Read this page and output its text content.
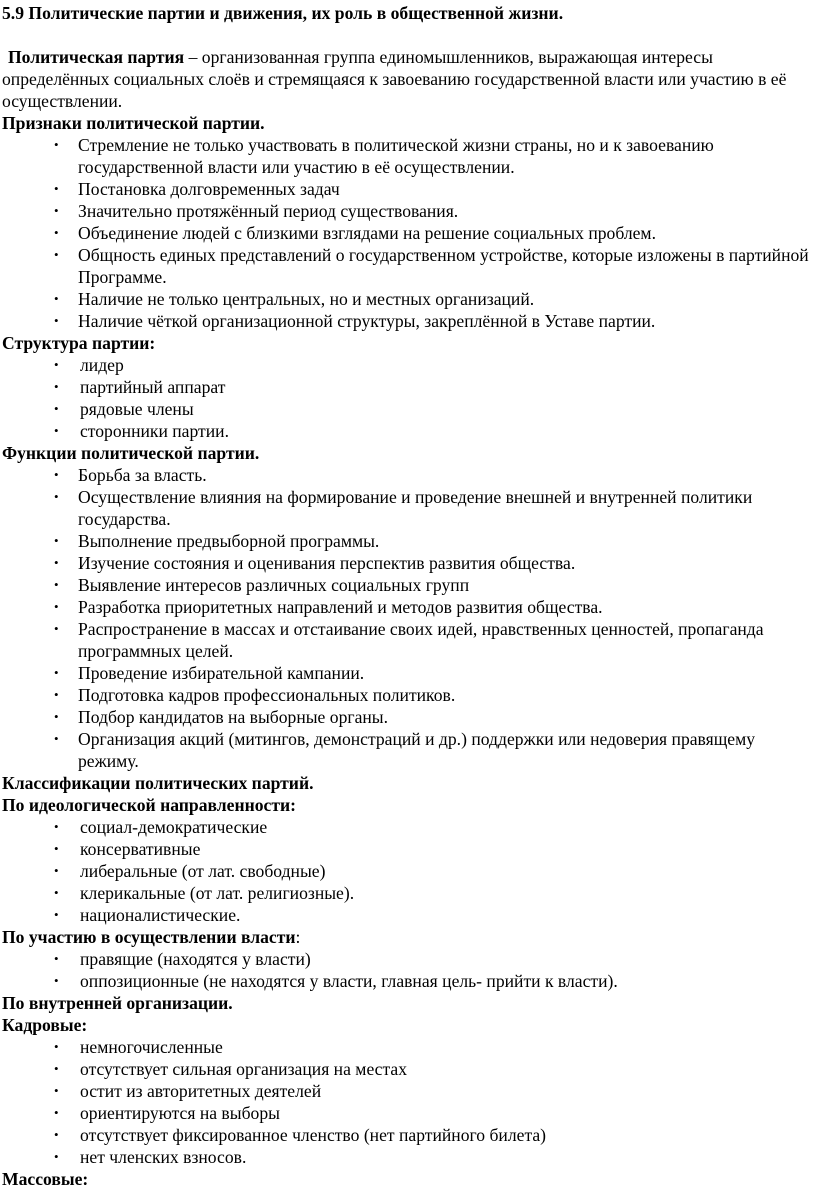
5.9 Политические партии и движения, их роль в общественной жизни.

Политическая партия – организованная группа единомышленников, выражающая интересы определённых социальных слоёв и стремящаяся к завоеванию государственной власти или участию в её осуществлении.

Признаки политической партии.

• Стремление не только участвовать в политической жизни страны, но и к завоеванию государственной власти или участию в её осуществлении.
• Постановка долговременных задач
• Значительно протяжённый период существования.
• Объединение людей с близкими взглядами на решение социальных проблем.
• Общность единых представлений о государственном устройстве, которые изложены в партийной Программе.
• Наличие не только центральных, но и местных организаций.
• Наличие чёткой организационной структуры, закреплённой в Уставе партии.

Структура партии:

• лидер
• партийный аппарат
• рядовые члены
• сторонники партии.

Функции политической партии.

• Борьба за власть.
• Осуществление влияния на формирование и проведение внешней и внутренней политики государства.
• Выполнение предвыборной программы.
• Изучение состояния и оценивания перспектив развития общества.
• Выявление интересов различных социальных групп
• Разработка приоритетных направлений и методов развития общества.
• Распространение в массах и отстаивание своих идей, нравственных ценностей, пропаганда программных целей.
• Проведение избирательной кампании.
• Подготовка кадров профессиональных политиков.
• Подбор кандидатов на выборные органы.
• Организация акций (митингов, демонстраций и др.) поддержки или недоверия правящему режиму.

Классификации политических партий.

По идеологической направленности:

• социал-демократические
• консервативные
• либеральные (от лат. свободные)
• клерикальные (от лат. религиозные).
• националистические.

По участию в осуществлении власти:

• правящие (находятся у власти)
• оппозиционные (не находятся у власти, главная цель- прийти к власти).

По внутренней организации.

Кадровые:

• немногочисленные
• отсутствует сильная организация на местах
• остит из авторитетных деятелей
• ориентируются на выборы
• отсутствует фиксированное членство (нет партийного билета)
• нет членских взносов.

Массовые:
